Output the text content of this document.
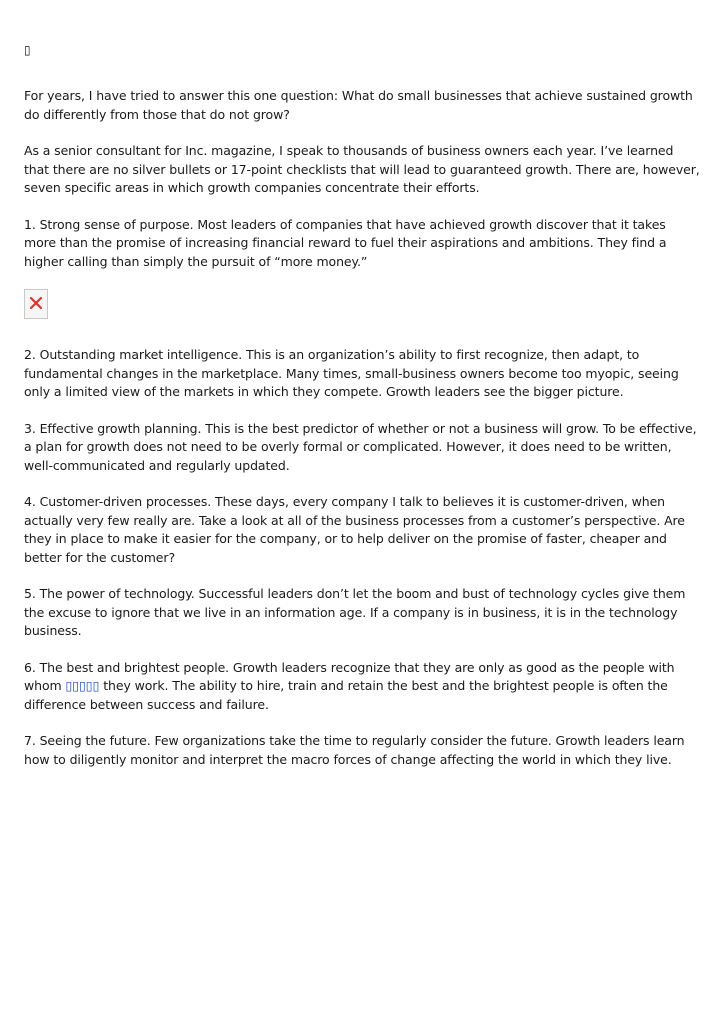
▯

For years, I have tried to answer this one question: What do small businesses that achieve sustained growth do differently from those that do not grow?

As a senior consultant for Inc. magazine, I speak to thousands of business owners each year. I’ve learned that there are no silver bullets or 17-point checklists that will lead to guaranteed growth. There are, however, seven specific areas in which growth companies concentrate their efforts.

1. Strong sense of purpose. Most leaders of companies that have achieved growth discover that it takes more than the promise of increasing financial reward to fuel their aspirations and ambitions. They find a higher calling than simply the pursuit of “more money.”

2. Outstanding market intelligence. This is an organization’s ability to first recognize, then adapt, to fundamental changes in the marketplace. Many times, small-business owners become too myopic, seeing only a limited view of the markets in which they compete. Growth leaders see the bigger picture.

3. Effective growth planning. This is the best predictor of whether or not a business will grow. To be effective, a plan for growth does not need to be overly formal or complicated. However, it does need to be written, well-communicated and regularly updated.

4. Customer-driven processes. These days, every company I talk to believes it is customer-driven, when actually very few really are. Take a look at all of the business processes from a customer’s perspective. Are they in place to make it easier for the company, or to help deliver on the promise of faster, cheaper and better for the customer?

5. The power of technology. Successful leaders don’t let the boom and bust of technology cycles give them the excuse to ignore that we live in an information age. If a company is in business, it is in the technology business.

6. The best and brightest people. Growth leaders recognize that they are only as good as the people with whom ▯▯▯▯▯ they work. The ability to hire, train and retain the best and the brightest people is often the difference between success and failure.

7. Seeing the future. Few organizations take the time to regularly consider the future. Growth leaders learn how to diligently monitor and interpret the macro forces of change affecting the world in which they live.
